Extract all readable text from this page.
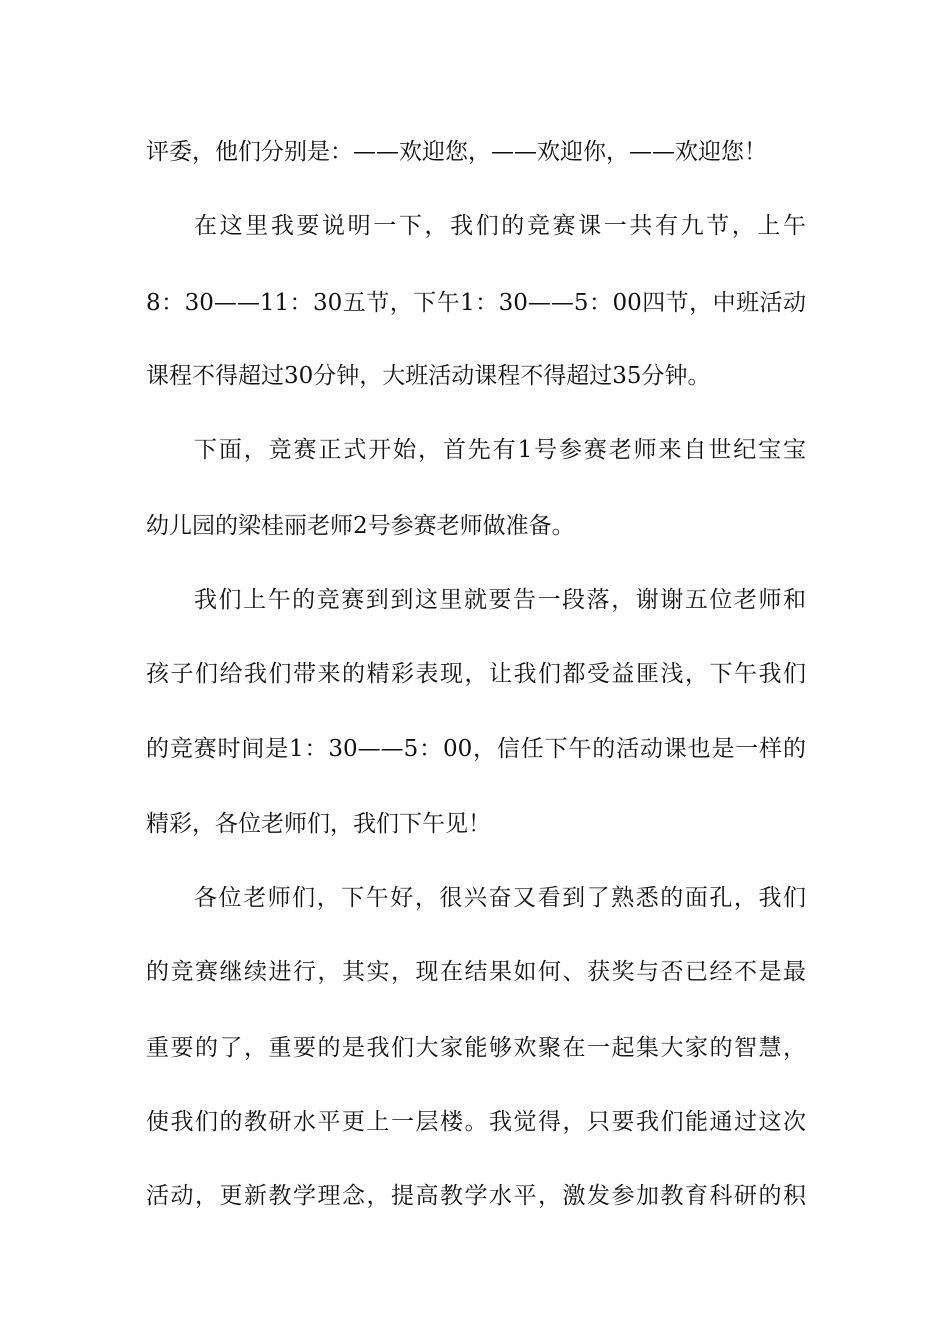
评委，他们分别是：——欢迎您，——欢迎你，——欢迎您！
在这里我要说明一下，我们的竞赛课一共有九节，上午
8：30——11：30五节，下午1：30——5：00四节，中班活动
课程不得超过30分钟，大班活动课程不得超过35分钟。
下面，竞赛正式开始，首先有1号参赛老师来自世纪宝宝
幼儿园的梁桂丽老师2号参赛老师做准备。
我们上午的竞赛到到这里就要告一段落，谢谢五位老师和
孩子们给我们带来的精彩表现，让我们都受益匪浅，下午我们
的竞赛时间是1：30——5：00，信任下午的活动课也是一样的
精彩，各位老师们，我们下午见！
各位老师们，下午好，很兴奋又看到了熟悉的面孔，我们
的竞赛继续进行，其实，现在结果如何、获奖与否已经不是最
重要的了，重要的是我们大家能够欢聚在一起集大家的智慧，
使我们的教研水平更上一层楼。我觉得，只要我们能通过这次
活动，更新教学理念，提高教学水平，激发参加教育科研的积
